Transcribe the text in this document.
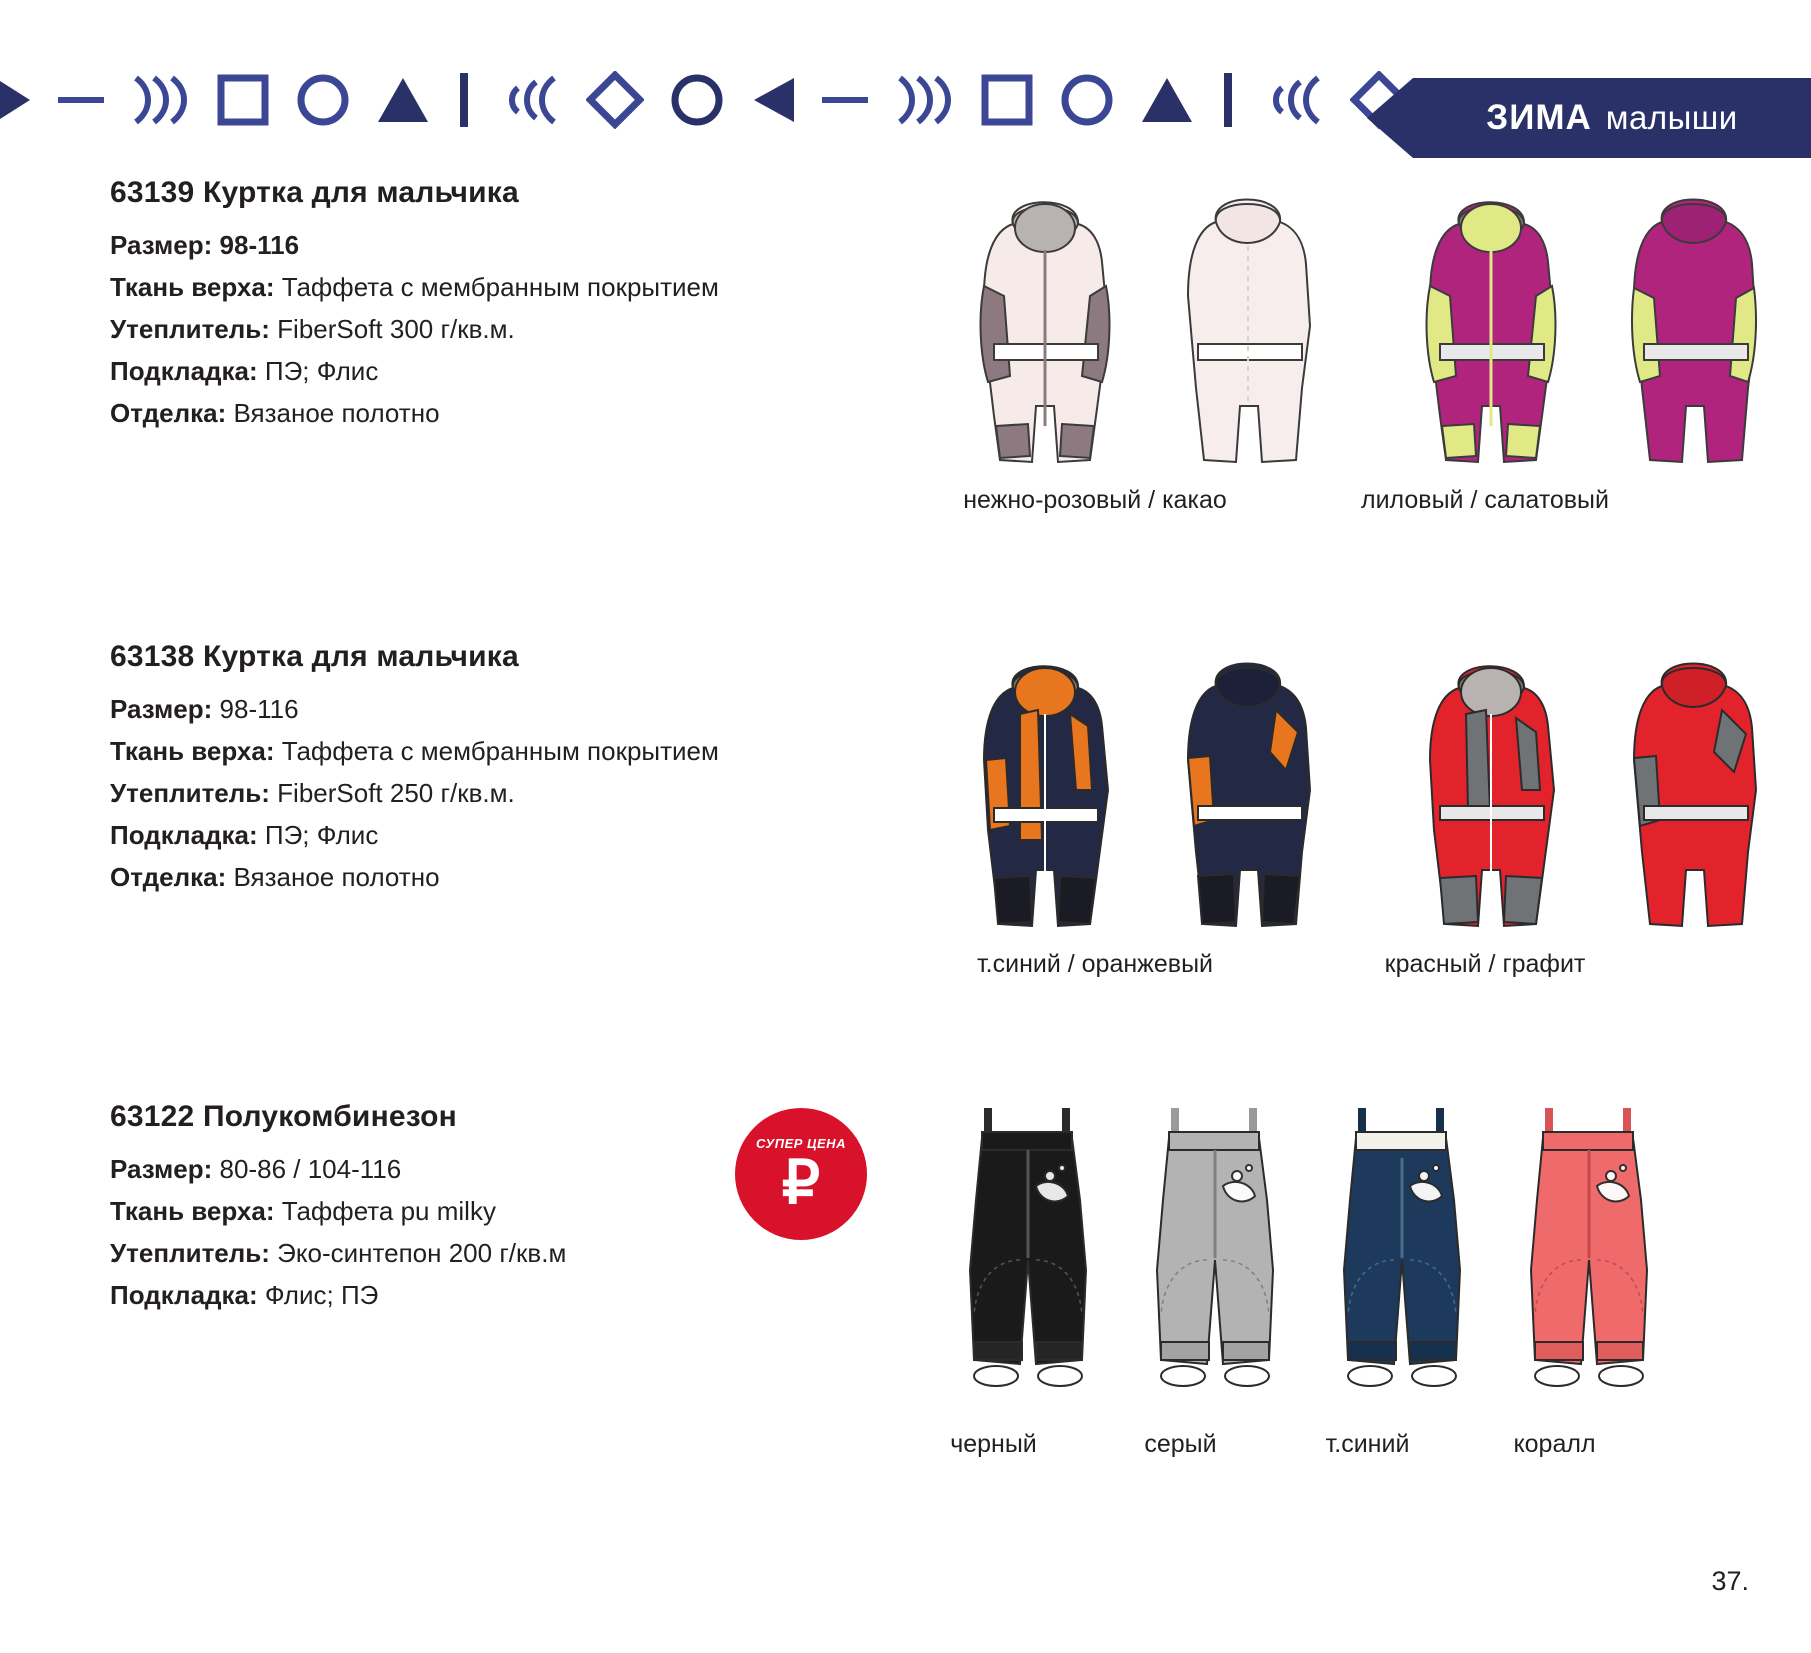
ЗИМА малыши
63139 Куртка для мальчика
Размер: 98-116
Ткань верха: Таффета с мембранным покрытием
Утеплитель: FiberSoft 300 г/кв.м.
Подкладка: ПЭ; Флис
Отделка: Вязаное полотно
нежно-розовый / какао	лиловый / салатовый
63138 Куртка для мальчика
Размер: 98-116
Ткань верха: Таффета с мембранным покрытием
Утеплитель: FiberSoft 250 г/кв.м.
Подкладка: ПЭ; Флис
Отделка: Вязаное полотно
т.синий / оранжевый	красный / графит
63122 Полукомбинезон
Размер: 80-86 / 104-116
Ткань верха: Таффета pu milky
Утеплитель: Эко-синтепон 200 г/кв.м
Подкладка: Флис; ПЭ
черный	серый	т.синий	коралл
СУПЕР ЦЕНА
₽
37.
